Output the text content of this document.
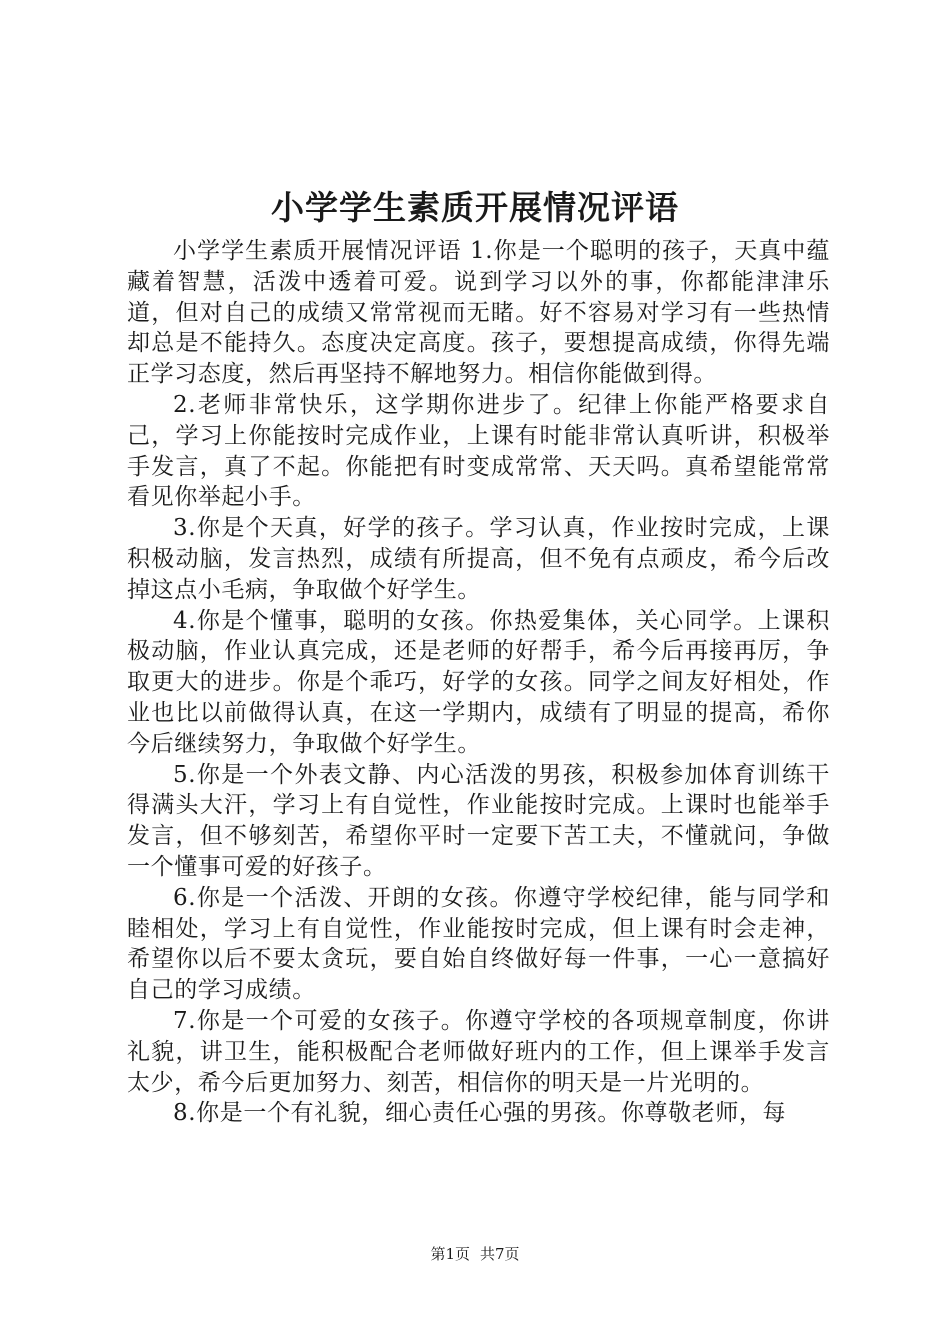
小学学生素质开展情况评语

小学学生素质开展情况评语 1.你是一个聪明的孩子，天真中蕴藏着智慧，活泼中透着可爱。说到学习以外的事，你都能津津乐道，但对自己的成绩又常常视而无睹。好不容易对学习有一些热情却总是不能持久。态度决定高度。孩子，要想提高成绩，你得先端正学习态度，然后再坚持不解地努力。相信你能做到得。

2.老师非常快乐，这学期你进步了。纪律上你能严格要求自己，学习上你能按时完成作业，上课有时能非常认真听讲，积极举手发言，真了不起。你能把有时变成常常、天天吗。真希望能常常看见你举起小手。

3.你是个天真，好学的孩子。学习认真，作业按时完成，上课积极动脑，发言热烈，成绩有所提高，但不免有点顽皮，希今后改掉这点小毛病，争取做个好学生。

4.你是个懂事，聪明的女孩。你热爱集体，关心同学。上课积极动脑，作业认真完成，还是老师的好帮手，希今后再接再厉，争取更大的进步。你是个乖巧，好学的女孩。同学之间友好相处，作业也比以前做得认真，在这一学期内，成绩有了明显的提高，希你今后继续努力，争取做个好学生。

5.你是一个外表文静、内心活泼的男孩，积极参加体育训练干得满头大汗，学习上有自觉性，作业能按时完成。上课时也能举手发言，但不够刻苦，希望你平时一定要下苦工夫，不懂就问，争做一个懂事可爱的好孩子。

6.你是一个活泼、开朗的女孩。你遵守学校纪律，能与同学和睦相处，学习上有自觉性，作业能按时完成，但上课有时会走神，希望你以后不要太贪玩，要自始自终做好每一件事，一心一意搞好自己的学习成绩。

7.你是一个可爱的女孩子。你遵守学校的各项规章制度，你讲礼貌，讲卫生，能积极配合老师做好班内的工作，但上课举手发言太少，希今后更加努力、刻苦，相信你的明天是一片光明的。

8.你是一个有礼貌，细心责任心强的男孩。你尊敬老师，每

第1页 共7页
